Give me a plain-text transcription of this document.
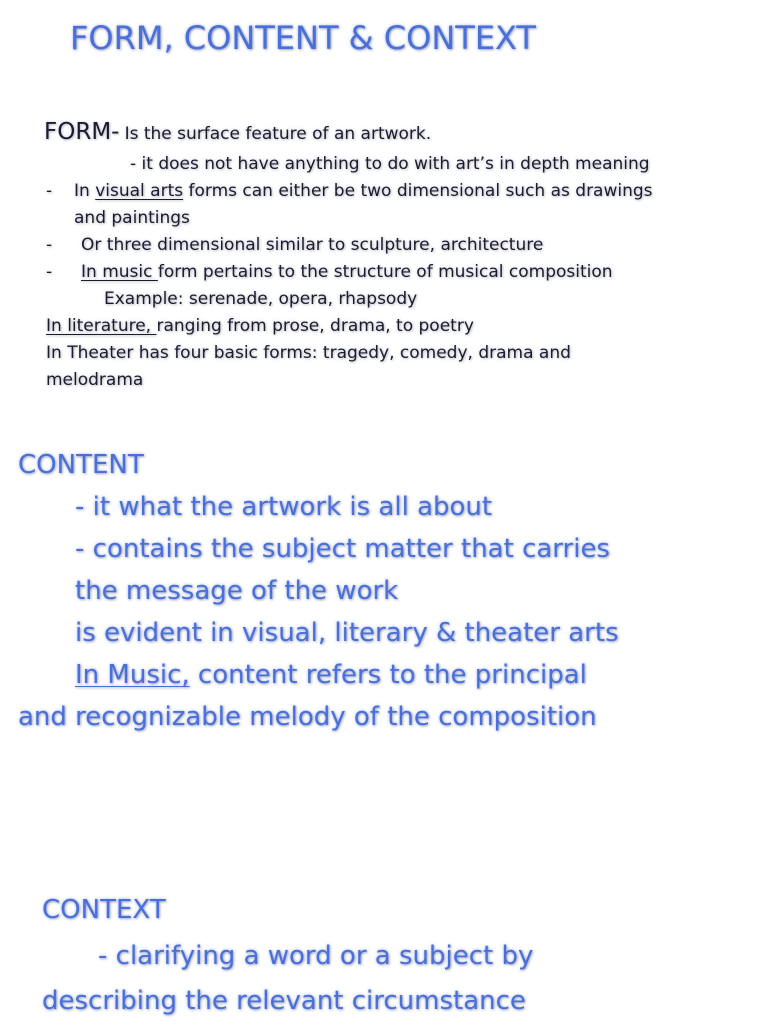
FORM, CONTENT & CONTEXT
FORM- Is the surface feature of an artwork.
- it does not have anything to do with art’s in depth meaning
- In visual arts forms can either be two dimensional such as drawings
and paintings
- Or three dimensional similar to sculpture, architecture
- In music form pertains to the structure of musical composition
Example: serenade, opera, rhapsody
In literature, ranging from prose, drama, to poetry
In Theater has four basic forms: tragedy, comedy, drama and
melodrama
CONTENT
- it what the artwork is all about
- contains the subject matter that carries
the message of the work
is evident in visual, literary & theater arts
In Music, content refers to the principal
and recognizable melody of the composition
CONTEXT
- clarifying a word or a subject by
describing the relevant circumstance
